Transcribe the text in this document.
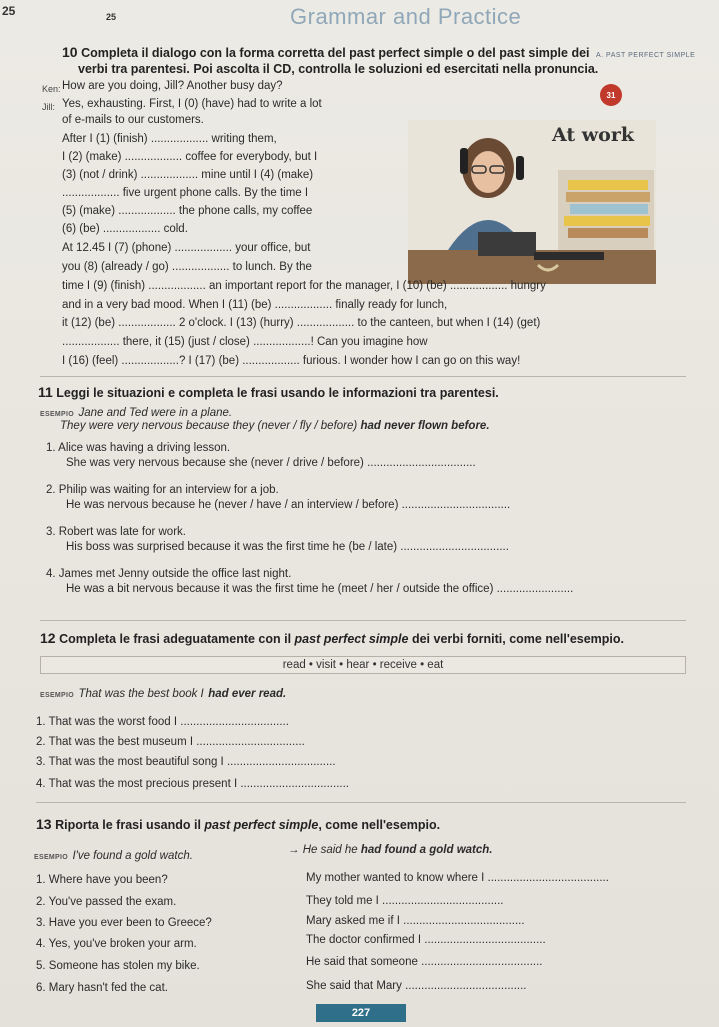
25	25	Grammar and Practice
A. PAST PERFECT SIMPLE
10 Completa il dialogo con la forma corretta del past perfect simple o del past simple dei
verbi tra parentesi. Poi ascolta il CD, controlla le soluzioni ed esercitati nella pronuncia.
31
At work
Ken: How are you doing, Jill? Another busy day?
Jill: Yes, exhausting. First, I (0) (have) had to write a lot
of e-mails to our customers.
After I (1) (finish) .................. writing them,
I (2) (make) .................. coffee for everybody, but I
(3) (not / drink) .................. mine until I (4) (make)
.................. five urgent phone calls. By the time I
(5) (make) .................. the phone calls, my coffee
(6) (be) .................. cold.
At 12.45 I (7) (phone) .................. your office, but
you (8) (already / go) .................. to lunch. By the
time I (9) (finish) .................. an important report for the manager, I (10) (be) .................. hungry
and in a very bad mood. When I (11) (be) .................. finally ready for lunch,
it (12) (be) .................. 2 o'clock. I (13) (hurry) .................. to the canteen, but when I (14) (get)
.................. there, it (15) (just / close) ..................! Can you imagine how
I (16) (feel) ..................? I (17) (be) .................. furious. I wonder how I can go on this way!
11 Leggi le situazioni e completa le frasi usando le informazioni tra parentesi.
ESEMPIO Jane and Ted were in a plane.
They were very nervous because they (never / fly / before) had never flown before.
1. Alice was having a driving lesson.
She was very nervous because she (never / drive / before) ..................................
2. Philip was waiting for an interview for a job.
He was nervous because he (never / have / an interview / before) ..................................
3. Robert was late for work.
His boss was surprised because it was the first time he (be / late) ..................................
4. James met Jenny outside the office last night.
He was a bit nervous because it was the first time he (meet / her / outside the office) ........................
12 Completa le frasi adeguatamente con il past perfect simple dei verbi forniti, come nell'esempio.
read • visit • hear • receive • eat
ESEMPIO That was the best book I had ever read.
1. That was the worst food I ..................................
2. That was the best museum I ..................................
3. That was the most beautiful song I ..................................
4. That was the most precious present I ..................................
13 Riporta le frasi usando il past perfect simple, come nell'esempio.
ESEMPIO I've found a gold watch.	→ He said he had found a gold watch.
1. Where have you been?	My mother wanted to know where I ......................................
2. You've passed the exam.	They told me I ......................................
3. Have you ever been to Greece?	Mary asked me if I ......................................
4. Yes, you've broken your arm.	The doctor confirmed I ......................................
5. Someone has stolen my bike.	He said that someone ......................................
6. Mary hasn't fed the cat.	She said that Mary ......................................
227
